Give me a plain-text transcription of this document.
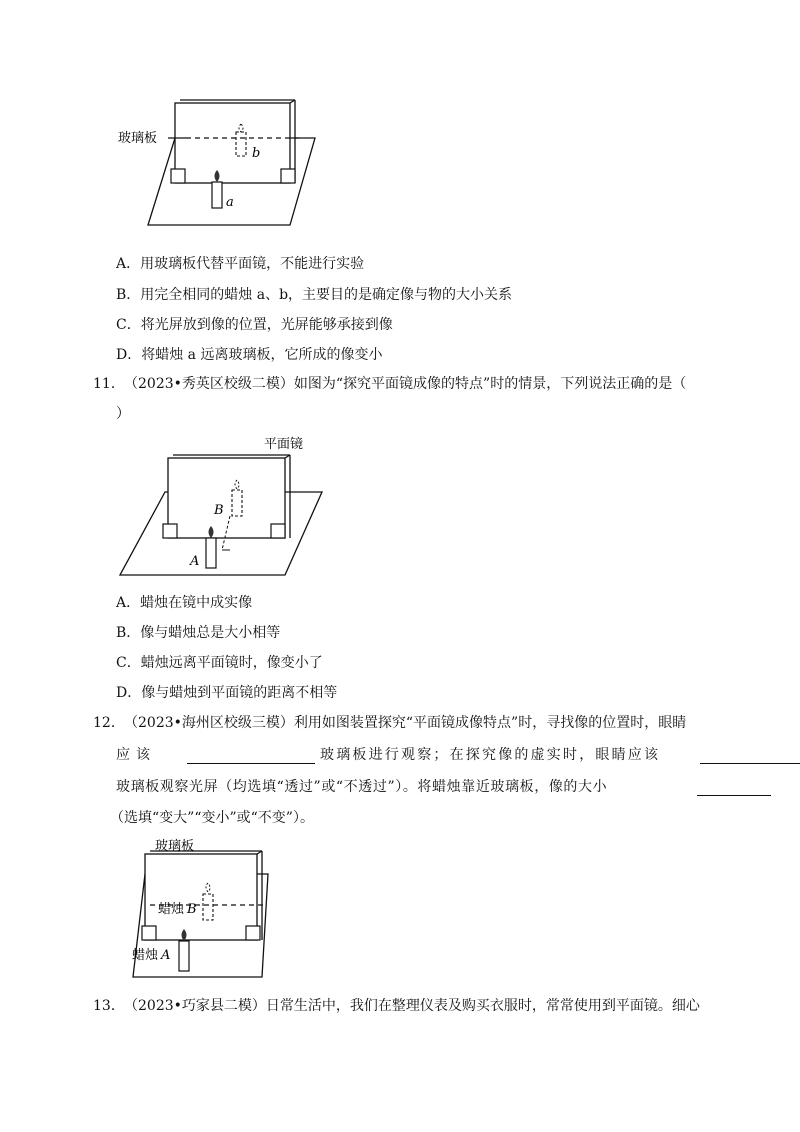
玻璃板
b
a
A．用玻璃板代替平面镜，不能进行实验
B．用完全相同的蜡烛 a、b，主要目的是确定像与物的大小关系
C．将光屏放到像的位置，光屏能够承接到像
D．将蜡烛 a 远离玻璃板，它所成的像变小
11． （2023•秀英区校级二模）如图为“探究平面镜成像的特点”时的情景，下列说法正确的是（
）
平面镜
B
A
A．蜡烛在镜中成实像
B．像与蜡烛总是大小相等
C．蜡烛远离平面镜时，像变小了
D．像与蜡烛到平面镜的距离不相等
12． （2023•海州区校级三模）利用如图装置探究“平面镜成像特点”时，寻找像的位置时，眼睛
应该	玻璃板进行观察；在探究像的虚实时，眼睛应该
玻璃板观察光屏（均选填“透过”或“不透过”）。将蜡烛靠近玻璃板，像的大小
（选填“变大”“变小”或“不变”）。
玻璃板
蜡烛 B
蜡烛 A
13． （2023•巧家县二模）日常生活中，我们在整理仪表及购买衣服时，常常使用到平面镜。细心
